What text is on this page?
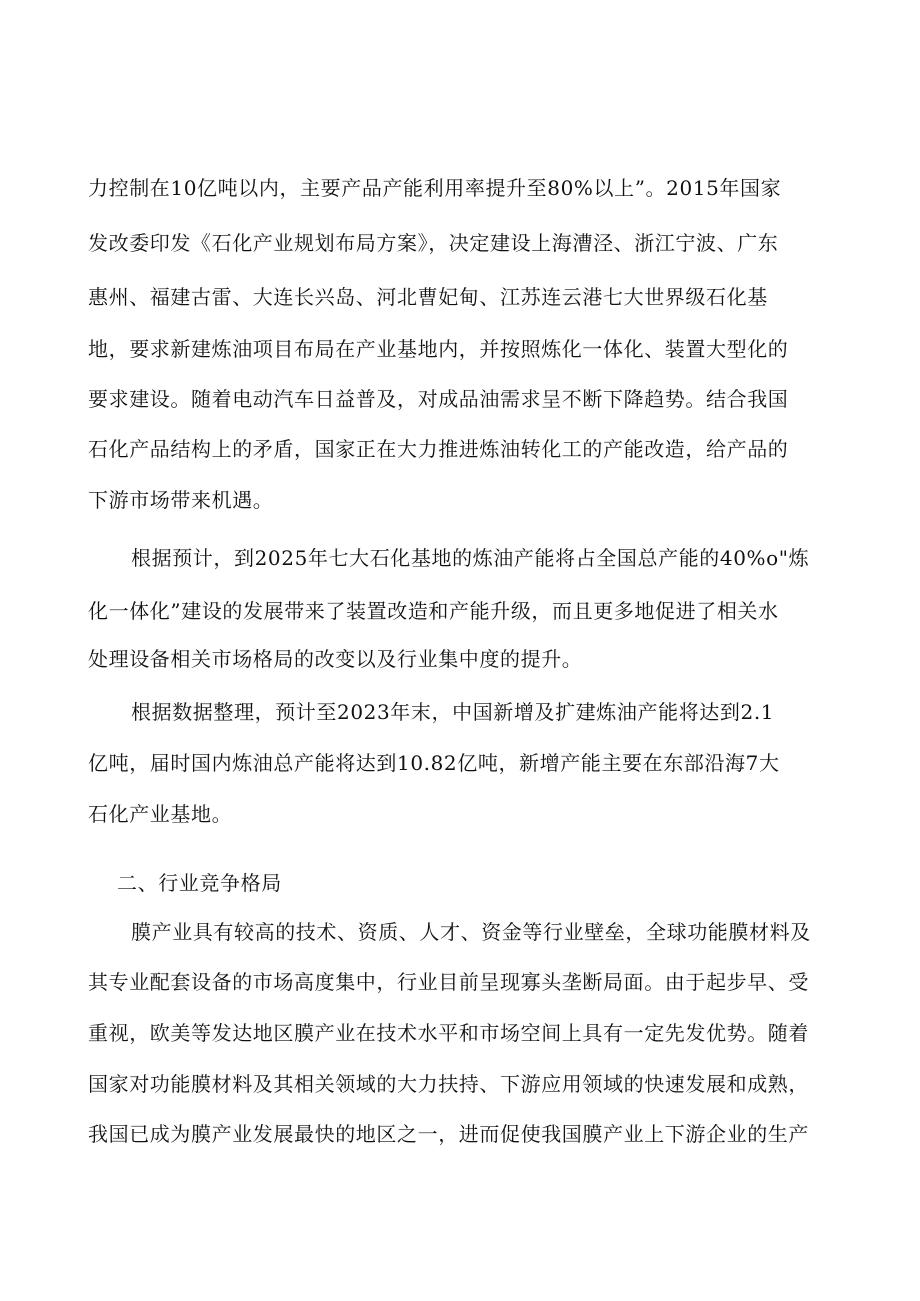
力控制在10亿吨以内，主要产品产能利用率提升至80%以上”。2015年国家
发改委印发《石化产业规划布局方案》，决定建设上海漕泾、浙江宁波、广东
惠州、福建古雷、大连长兴岛、河北曹妃甸、江苏连云港七大世界级石化基
地，要求新建炼油项目布局在产业基地内，并按照炼化一体化、装置大型化的
要求建设。随着电动汽车日益普及，对成品油需求呈不断下降趋势。结合我国
石化产品结构上的矛盾，国家正在大力推进炼油转化工的产能改造，给产品的
下游市场带来机遇。
根据预计，到2025年七大石化基地的炼油产能将占全国总产能的40%o"炼
化一体化”建设的发展带来了装置改造和产能升级，而且更多地促进了相关水
处理设备相关市场格局的改变以及行业集中度的提升。
根据数据整理，预计至2023年末，中国新增及扩建炼油产能将达到2.1
亿吨，届时国内炼油总产能将达到10.82亿吨，新增产能主要在东部沿海7大
石化产业基地。
二、行业竞争格局
膜产业具有较高的技术、资质、人才、资金等行业壁垒，全球功能膜材料及
其专业配套设备的市场高度集中，行业目前呈现寡头垄断局面。由于起步早、受
重视，欧美等发达地区膜产业在技术水平和市场空间上具有一定先发优势。随着
国家对功能膜材料及其相关领域的大力扶持、下游应用领域的快速发展和成熟，
我国已成为膜产业发展最快的地区之一，进而促使我国膜产业上下游企业的生产
